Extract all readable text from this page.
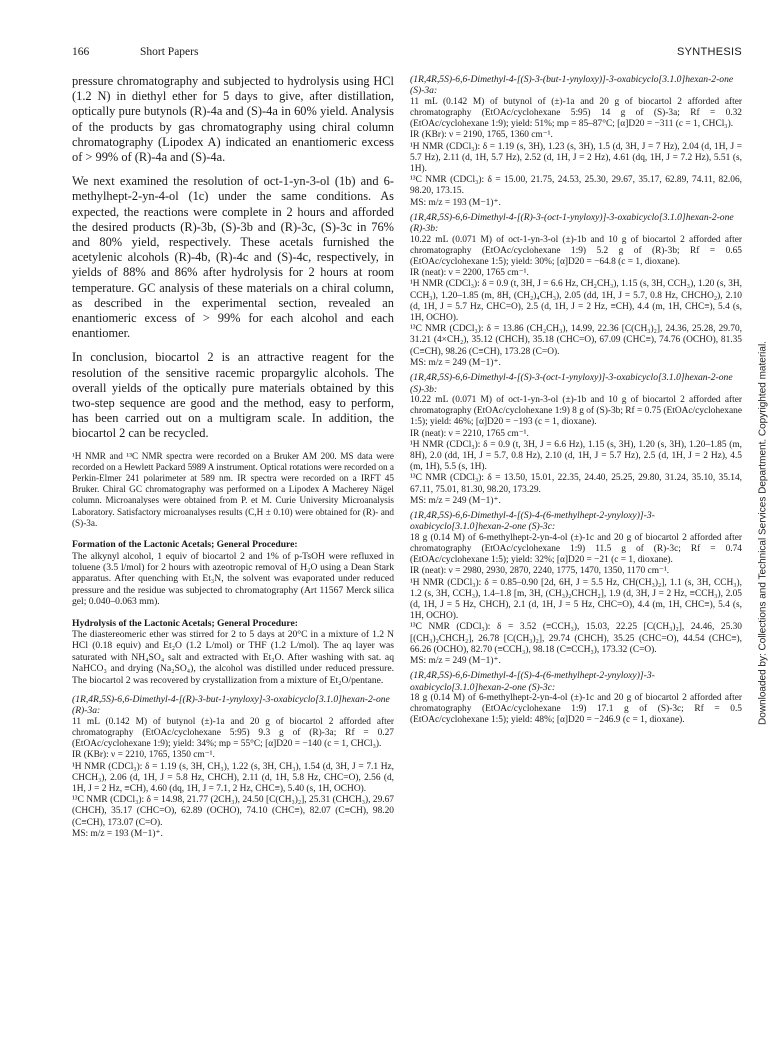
166	Short Papers	SYNTHESIS

pressure chromatography and subjected to hydrolysis using HCl (1.2 N) in diethyl ether for 5 days to give, after distillation, optically pure butynols (R)-4a and (S)-4a in 60% yield. Analysis of the products by gas chromatography using chiral column chromatography (Lipodex A) indicated an enantiomeric excess of > 99% of (R)-4a and (S)-4a.

We next examined the resolution of oct-1-yn-3-ol (1b) and 6-methylhept-2-yn-4-ol (1c) under the same conditions. As expected, the reactions were complete in 2 hours and afforded the desired products (R)-3b, (S)-3b and (R)-3c, (S)-3c in 76% and 80% yield, respectively. These acetals furnished the acetylenic alcohols (R)-4b, (R)-4c and (S)-4c, respectively, in yields of 88% and 86% after hydrolysis for 2 hours at room temperature. GC analysis of these materials on a chiral column, as described in the experimental section, revealed an enantiomeric excess of > 99% for each alcohol and each enantiomer.

In conclusion, biocartol 2 is an attractive reagent for the resolution of the sensitive racemic propargylic alcohols. The overall yields of the optically pure materials obtained by this two-step sequence are good and the method, easy to perform, has been carried out on a multigram scale. In addition, the biocartol 2 can be recycled.

¹H NMR and ¹³C NMR spectra were recorded on a Bruker AM 200. MS data were recorded on a Hewlett Packard 5989 A instrument. Optical rotations were recorded on a Perkin-Elmer 241 polarimeter at 589 nm. IR spectra were recorded on a IRFT 45 Bruker. Chiral GC chromatography was performed on a Lipodex A Macherey Nägel column. Microanalyses were obtained from P. et M. Curie University Microanalysis Laboratory. Satisfactory microanalyses results (C,H ± 0.10) were obtained for (R)- and (S)-3a.

Formation of the Lactonic Acetals; General Procedure:

The alkynyl alcohol, 1 equiv of biocartol 2 and 1% of p-TsOH were refluxed in toluene (3.5 l/mol) for 2 hours with azeotropic removal of H₂O using a Dean Stark apparatus. After quenching with Et₃N, the solvent was evaporated under reduced pressure and the residue was subjected to chromatography (Art 11567 Merck silica gel; 0.040–0.063 mm).

Hydrolysis of the Lactonic Acetals; General Procedure:

The diastereomeric ether was stirred for 2 to 5 days at 20°C in a mixture of 1.2 N HCl (0.18 equiv) and Et₂O (1.2 L/mol) or THF (1.2 L/mol). The aq layer was saturated with NH₄SO₄ salt and extracted with Et₂O. After washing with sat. aq NaHCO₃ and drying (Na₂SO₄), the alcohol was distilled under reduced pressure. The biocartol 2 was recovered by crystallization from a mixture of Et₂O/pentane.

(1R,4R,5S)-6,6-Dimethyl-4-[(R)-3-but-1-ynyloxy]-3-oxabicyclo[3.1.0]hexan-2-one (R)-3a:

11 mL (0.142 M) of butynol (±)-1a and 20 g of biocartol 2 afforded after chromatography (EtOAc/cyclohexane 5:95) 9.3 g of (R)-3a; Rf = 0.27 (EtOAc/cyclohexane 1:9); yield: 34%; mp = 55°C; [α]D20 = −140 (c = 1, CHCl₃).

IR (KBr): ν = 2210, 1765, 1350 cm⁻¹.

¹H NMR (CDCl₃): δ = 1.19 (s, 3H, CH₃), 1.22 (s, 3H, CH₃), 1.54 (d, 3H, J = 7.1 Hz, CHCH₃), 2.06 (d, 1H, J = 5.8 Hz, CHCH), 2.11 (d, 1H, 5.8 Hz, CHC=O), 2.56 (d, 1H, J = 2 Hz, ≡CH), 4.60 (dq, 1H, J = 7.1, 2 Hz, CHC≡), 5.40 (s, 1H, OCHO).

¹³C NMR (CDCl₃): δ = 14.98, 21.77 (2CH₃), 24.50 [C(CH₃)₂], 25.31 (CHCH₃), 29.67 (CHCH), 35.17 (CHC=O), 62.89 (OCHO), 74.10 (CHC≡), 82.07 (C≡CH), 98.20 (C≡CH), 173.07 (C=O).

MS: m/z = 193 (M−1)⁺.

(1R,4R,5S)-6,6-Dimethyl-4-[(S)-3-(but-1-ynyloxy)]-3-oxabicyclo[3.1.0]hexan-2-one (S)-3a:

11 mL (0.142 M) of butynol of (±)-1a and 20 g of biocartol 2 afforded after chromatography (EtOAc/cyclohexane 5:95) 14 g of (S)-3a; Rf = 0.32 (EtOAc/cyclohexane 1:9); yield: 51%; mp = 85–87°C; [α]D20 = −311 (c = 1, CHCl₃).

IR (KBr): ν = 2190, 1765, 1360 cm⁻¹.

¹H NMR (CDCl₃): δ = 1.19 (s, 3H), 1.23 (s, 3H), 1.5 (d, 3H, J = 7 Hz), 2.04 (d, 1H, J = 5.7 Hz), 2.11 (d, 1H, 5.7 Hz), 2.52 (d, 1H, J = 2 Hz), 4.61 (dq, 1H, J = 7.2 Hz), 5.51 (s, 1H).

¹³C NMR (CDCl₃): δ = 15.00, 21.75, 24.53, 25.30, 29.67, 35.17, 62.89, 74.11, 82.06, 98.20, 173.15.

MS: m/z = 193 (M−1)⁺.

(1R,4R,5S)-6,6-Dimethyl-4-[(R)-3-(oct-1-ynyloxy)]-3-oxabicyclo[3.1.0]hexan-2-one (R)-3b:

10.22 mL (0.071 M) of oct-1-yn-3-ol (±)-1b and 10 g of biocartol 2 afforded after chromatography (EtOAc/cyclohexane 1:9) 5.2 g of (R)-3b; Rf = 0.65 (EtOAc/cyclohexane 1:5); yield: 30%; [α]D20 = −64.8 (c = 1, dioxane).

IR (neat): ν = 2200, 1765 cm⁻¹.

¹H NMR (CDCl₃): δ = 0.9 (t, 3H, J = 6.6 Hz, CH₂CH₃), 1.15 (s, 3H, CCH₃), 1.20 (s, 3H, CCH₃), 1.20–1.85 (m, 8H, (CH₂)₄CH₃), 2.05 (dd, 1H, J = 5.7, 0.8 Hz, CHCHO₂), 2.10 (d, 1H, J = 5.7 Hz, CHC=O), 2.5 (d, 1H, J = 2 Hz, ≡CH), 4.4 (m, 1H, CHC≡), 5.4 (s, 1H, OCHO).

¹³C NMR (CDCl₃): δ = 13.86 (CH₂CH₃), 14.99, 22.36 [C(CH₃)₂], 24.36, 25.28, 29.70, 31.21 (4×CH₂), 35.12 (CHCH), 35.18 (CHC=O), 67.09 (CHC≡), 74.76 (OCHO), 81.35 (C≡CH), 98.26 (C≡CH), 173.28 (C=O).

MS: m/z = 249 (M−1)⁺.

(1R,4R,5S)-6,6-Dimethyl-4-[(S)-3-(oct-1-ynyloxy)]-3-oxabicyclo[3.1.0]hexan-2-one (S)-3b:

10.22 mL (0.071 M) of oct-1-yn-3-ol (±)-1b and 10 g of biocartol 2 afforded after chromatography (EtOAc/cyclohexane 1:9) 8 g of (S)-3b; Rf = 0.75 (EtOAc/cyclohexane 1:5); yield: 46%; [α]D20 = −193 (c = 1, dioxane).

IR (neat): ν = 2210, 1765 cm⁻¹.

¹H NMR (CDCl₃): δ = 0.9 (t, 3H, J = 6.6 Hz), 1.15 (s, 3H), 1.20 (s, 3H), 1.20–1.85 (m, 8H), 2.0 (dd, 1H, J = 5.7, 0.8 Hz), 2.10 (d, 1H, J = 5.7 Hz), 2.5 (d, 1H, J = 2 Hz), 4.5 (m, 1H), 5.5 (s, 1H).

¹³C NMR (CDCl₃): δ = 13.50, 15.01, 22.35, 24.40, 25.25, 29.80, 31.24, 35.10, 35.14, 67.11, 75.01, 81.30, 98.20, 173.29.

MS: m/z = 249 (M−1)⁺.

(1R,4R,5S)-6,6-Dimethyl-4-[(S)-4-(6-methylhept-2-ynyloxy)]-3-oxabicyclo[3.1.0]hexan-2-one (S)-3c:

18 g (0.14 M) of 6-methylhept-2-yn-4-ol (±)-1c and 20 g of biocartol 2 afforded after chromatography (EtOAc/cyclohexane 1:9) 11.5 g of (R)-3c; Rf = 0.74 (EtOAc/cyclohexane 1:5); yield: 32%; [α]D20 = −21 (c = 1, dioxane).

IR (neat): ν = 2980, 2930, 2870, 2240, 1775, 1470, 1350, 1170 cm⁻¹.

¹H NMR (CDCl₃): δ = 0.85–0.90 [2d, 6H, J = 5.5 Hz, CH(CH₃)₂], 1.1 (s, 3H, CCH₃), 1.2 (s, 3H, CCH₃), 1.4–1.8 [m, 3H, (CH₃)₂CHCH₂], 1.9 (d, 3H, J = 2 Hz, ≡CCH₃), 2.05 (d, 1H, J = 5 Hz, CHCH), 2.1 (d, 1H, J = 5 Hz, CHC=O), 4.4 (m, 1H, CHC≡), 5.4 (s, 1H, OCHO).

¹³C NMR (CDCl₃): δ = 3.52 (≡CCH₃), 15.03, 22.25 [C(CH₃)₂], 24.46, 25.30 [(CH₃)₂CHCH₂], 26.78 [C(CH₃)₂], 29.74 (CHCH), 35.25 (CHC=O), 44.54 (CHC≡), 66.26 (OCHO), 82.70 (≡CCH₃), 98.18 (C≡CCH₃), 173.32 (C=O).

MS: m/z = 249 (M−1)⁺.

(1R,4R,5S)-6,6-Dimethyl-4-[(S)-4-(6-methylhept-2-ynyloxy)]-3-oxabicyclo[3.1.0]hexan-2-one (S)-3c:

18 g (0.14 M) of 6-methylhept-2-yn-4-ol (±)-1c and 20 g of biocartol 2 afforded after chromatography (EtOAc/cyclohexane 1:9) 17.1 g of (S)-3c; Rf = 0.5 (EtOAc/cyclohexane 1:5); yield: 48%; [α]D20 = −246.9 (c = 1, dioxane).	Downloaded by: Collections and Technical Services Department. Copyrighted material.
